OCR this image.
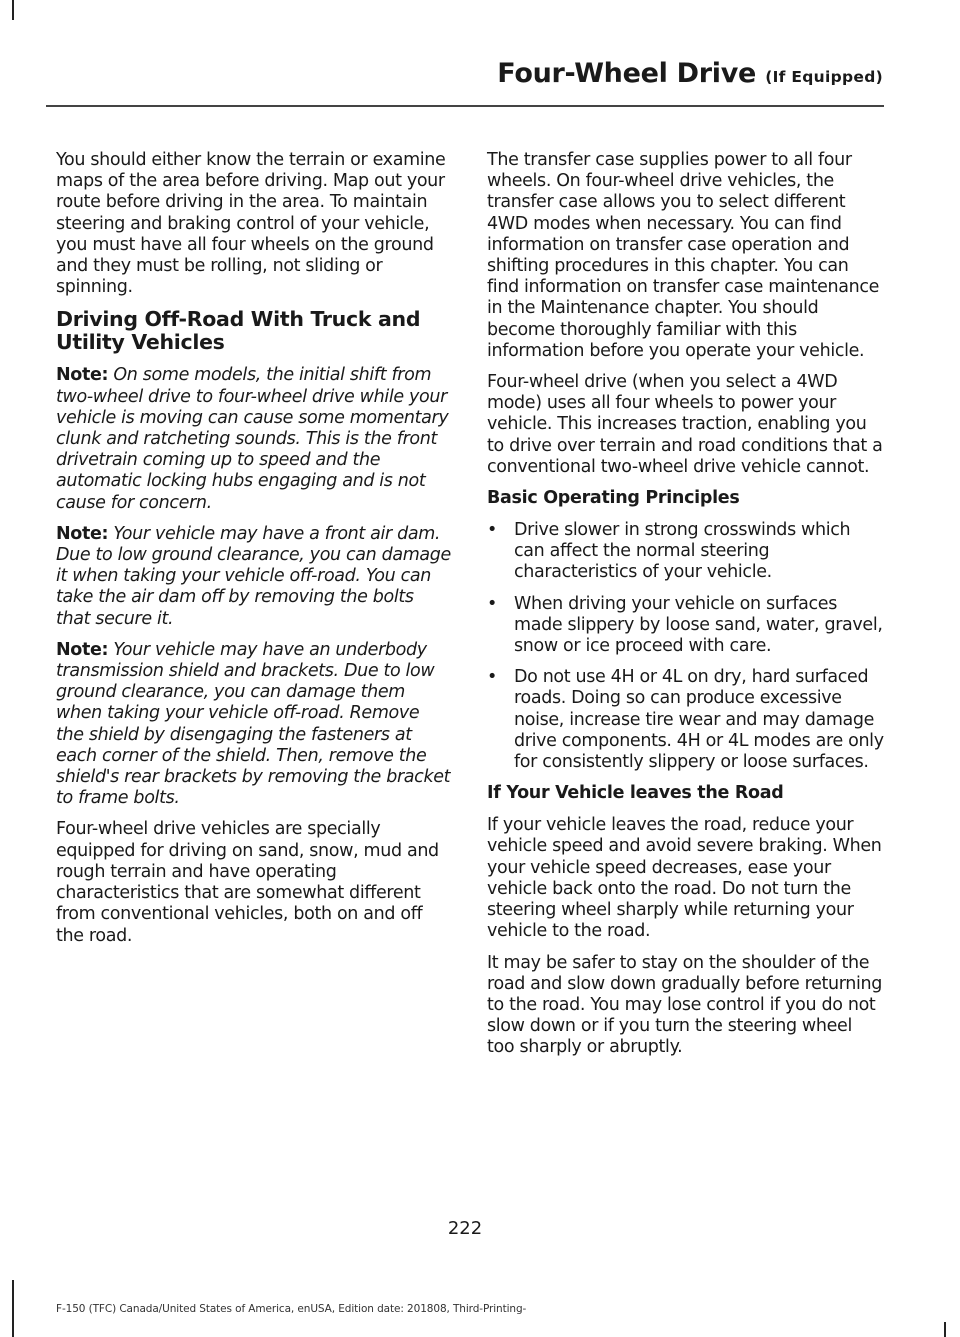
Four-Wheel Drive (If Equipped)

You should either know the terrain or examine maps of the area before driving. Map out your route before driving in the area. To maintain steering and braking control of your vehicle, you must have all four wheels on the ground and they must be rolling, not sliding or spinning.

Driving Off-Road With Truck and Utility Vehicles

Note: On some models, the initial shift from two-wheel drive to four-wheel drive while your vehicle is moving can cause some momentary clunk and ratcheting sounds. This is the front drivetrain coming up to speed and the automatic locking hubs engaging and is not cause for concern.

Note: Your vehicle may have a front air dam. Due to low ground clearance, you can damage it when taking your vehicle off-road. You can take the air dam off by removing the bolts that secure it.

Note: Your vehicle may have an underbody transmission shield and brackets. Due to low ground clearance, you can damage them when taking your vehicle off-road. Remove the shield by disengaging the fasteners at each corner of the shield. Then, remove the shield's rear brackets by removing the bracket to frame bolts.

Four-wheel drive vehicles are specially equipped for driving on sand, snow, mud and rough terrain and have operating characteristics that are somewhat different from conventional vehicles, both on and off the road.

The transfer case supplies power to all four wheels. On four-wheel drive vehicles, the transfer case allows you to select different 4WD modes when necessary. You can find information on transfer case operation and shifting procedures in this chapter. You can find information on transfer case maintenance in the Maintenance chapter. You should become thoroughly familiar with this information before you operate your vehicle.

Four-wheel drive (when you select a 4WD mode) uses all four wheels to power your vehicle. This increases traction, enabling you to drive over terrain and road conditions that a conventional two-wheel drive vehicle cannot.

Basic Operating Principles
• Drive slower in strong crosswinds which can affect the normal steering characteristics of your vehicle.
• When driving your vehicle on surfaces made slippery by loose sand, water, gravel, snow or ice proceed with care.
• Do not use 4H or 4L on dry, hard surfaced roads. Doing so can produce excessive noise, increase tire wear and may damage drive components. 4H or 4L modes are only for consistently slippery or loose surfaces.
If Your Vehicle leaves the Road

If your vehicle leaves the road, reduce your vehicle speed and avoid severe braking. When your vehicle speed decreases, ease your vehicle back onto the road. Do not turn the steering wheel sharply while returning your vehicle to the road.

It may be safer to stay on the shoulder of the road and slow down gradually before returning to the road. You may lose control if you do not slow down or if you turn the steering wheel too sharply or abruptly.

222
F-150 (TFC) Canada/United States of America, enUSA, Edition date: 201808, Third-Printing-
